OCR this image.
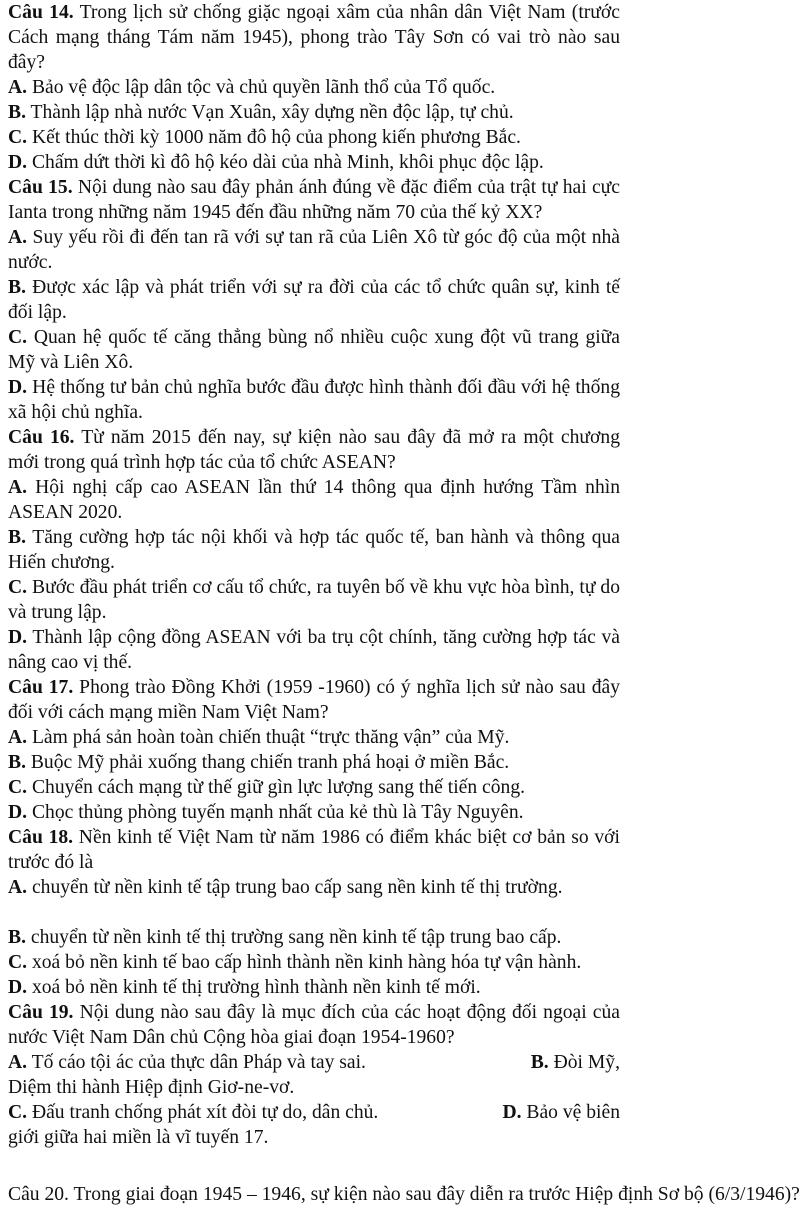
Câu 14. Trong lịch sử chống giặc ngoại xâm của nhân dân Việt Nam (trước Cách mạng tháng Tám năm 1945), phong trào Tây Sơn có vai trò nào sau đây?

A. Bảo vệ độc lập dân tộc và chủ quyền lãnh thổ của Tổ quốc.

B. Thành lập nhà nước Vạn Xuân, xây dựng nền độc lập, tự chủ.

C. Kết thúc thời kỳ 1000 năm đô hộ của phong kiến phương Bắc.

D. Chấm dứt thời kì đô hộ kéo dài của nhà Minh, khôi phục độc lập.

Câu 15. Nội dung nào sau đây phản ánh đúng về đặc điểm của trật tự hai cực Ianta trong những năm 1945 đến đầu những năm 70 của thế kỷ XX?

A. Suy yếu rồi đi đến tan rã với sự tan rã của Liên Xô từ góc độ của một nhà nước.

B. Được xác lập và phát triển với sự ra đời của các tổ chức quân sự, kinh tế đối lập.

C. Quan hệ quốc tế căng thẳng bùng nổ nhiều cuộc xung đột vũ trang giữa Mỹ và Liên Xô.

D. Hệ thống tư bản chủ nghĩa bước đầu được hình thành đối đầu với hệ thống xã hội chủ nghĩa.

Câu 16. Từ năm 2015 đến nay, sự kiện nào sau đây đã mở ra một chương mới trong quá trình hợp tác của tổ chức ASEAN?

A. Hội nghị cấp cao ASEAN lần thứ 14 thông qua định hướng Tầm nhìn ASEAN 2020.

B. Tăng cường hợp tác nội khối và hợp tác quốc tế, ban hành và thông qua Hiến chương.

C. Bước đầu phát triển cơ cấu tổ chức, ra tuyên bố về khu vực hòa bình, tự do và trung lập.

D. Thành lập cộng đồng ASEAN với ba trụ cột chính, tăng cường hợp tác và nâng cao vị thế.

Câu 17. Phong trào Đồng Khởi (1959 -1960) có ý nghĩa lịch sử nào sau đây đối với cách mạng miền Nam Việt Nam?

A. Làm phá sản hoàn toàn chiến thuật “trực thăng vận” của Mỹ.

B. Buộc Mỹ phải xuống thang chiến tranh phá hoại ở miền Bắc.

C. Chuyển cách mạng từ thế giữ gìn lực lượng sang thế tiến công.

D. Chọc thủng phòng tuyến mạnh nhất của kẻ thù là Tây Nguyên.

Câu 18. Nền kinh tế Việt Nam từ năm 1986 có điểm khác biệt cơ bản so với trước đó là

A. chuyển từ nền kinh tế tập trung bao cấp sang nền kinh tế thị trường.

B. chuyển từ nền kinh tế thị trường sang nền kinh tế tập trung bao cấp.

C. xoá bỏ nền kinh tế bao cấp hình thành nền kinh hàng hóa tự vận hành.

D. xoá bỏ nền kinh tế thị trường hình thành nền kinh tế mới.

Câu 19. Nội dung nào sau đây là mục đích của các hoạt động đối ngoại của nước Việt Nam Dân chủ Cộng hòa giai đoạn 1954-1960?

A. Tố cáo tội ác của thực dân Pháp và tay sai.	B. Đòi Mỹ,

Diệm thi hành Hiệp định Giơ-ne-vơ.

C. Đấu tranh chống phát xít đòi tự do, dân chủ.	D. Bảo vệ biên

giới giữa hai miền là vĩ tuyến 17.

Câu 20. Trong giai đoạn 1945 – 1946, sự kiện nào sau đây diễn ra trước Hiệp định Sơ bộ (6/3/1946)?
